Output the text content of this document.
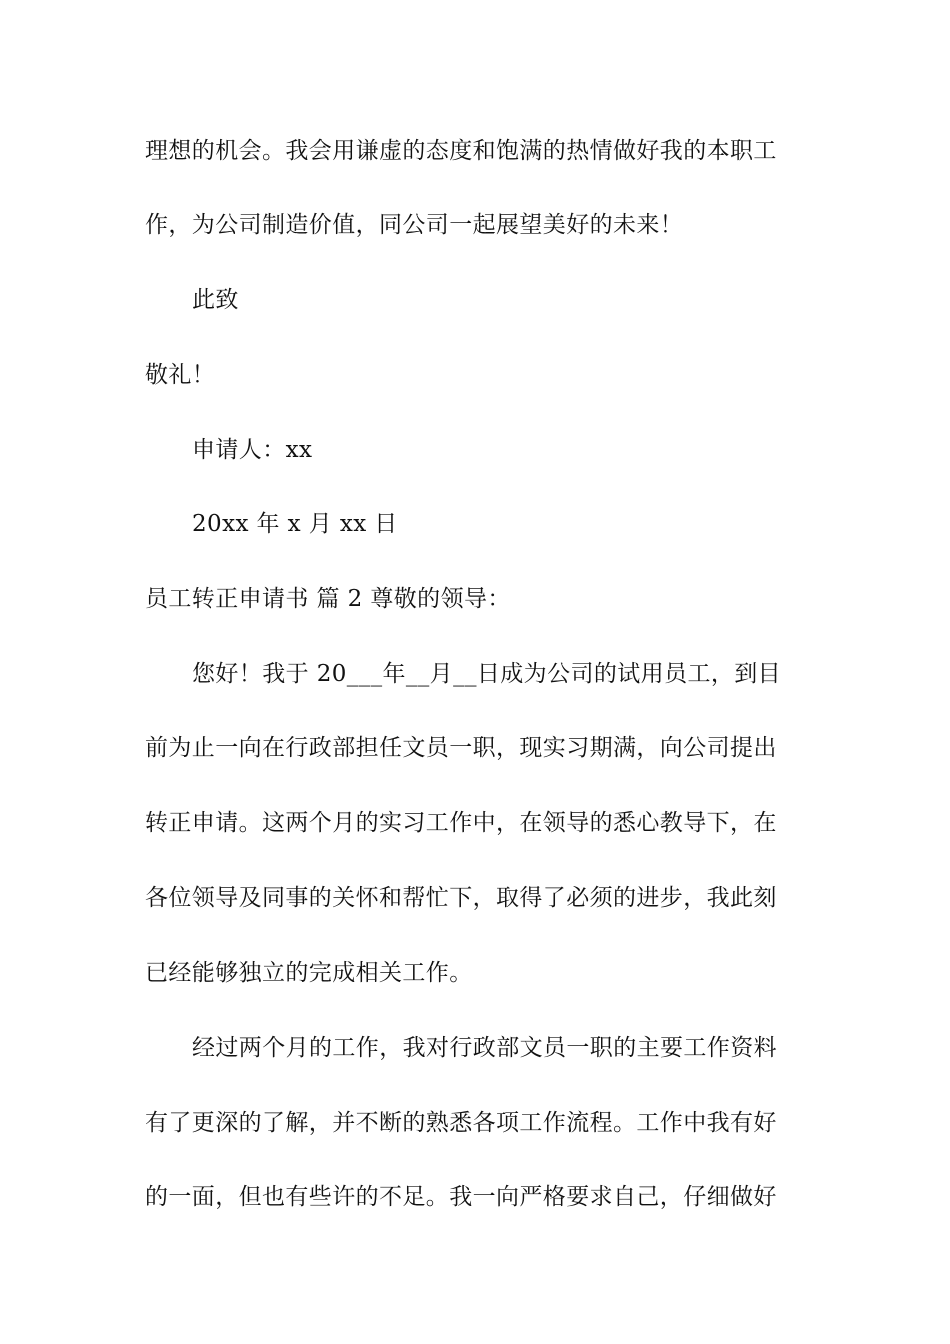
理想的机会。我会用谦虚的态度和饱满的热情做好我的本职工
作，为公司制造价值，同公司一起展望美好的未来！
此致
敬礼！
申请人：xx
20xx 年 x 月 xx 日
员工转正申请书 篇 2 尊敬的领导：
您好！我于 20___年__月__日成为公司的试用员工，到目
前为止一向在行政部担任文员一职，现实习期满，向公司提出
转正申请。这两个月的实习工作中，在领导的悉心教导下，在
各位领导及同事的关怀和帮忙下，取得了必须的进步，我此刻
已经能够独立的完成相关工作。
经过两个月的工作，我对行政部文员一职的主要工作资料
有了更深的了解，并不断的熟悉各项工作流程。工作中我有好
的一面，但也有些许的不足。我一向严格要求自己，仔细做好
